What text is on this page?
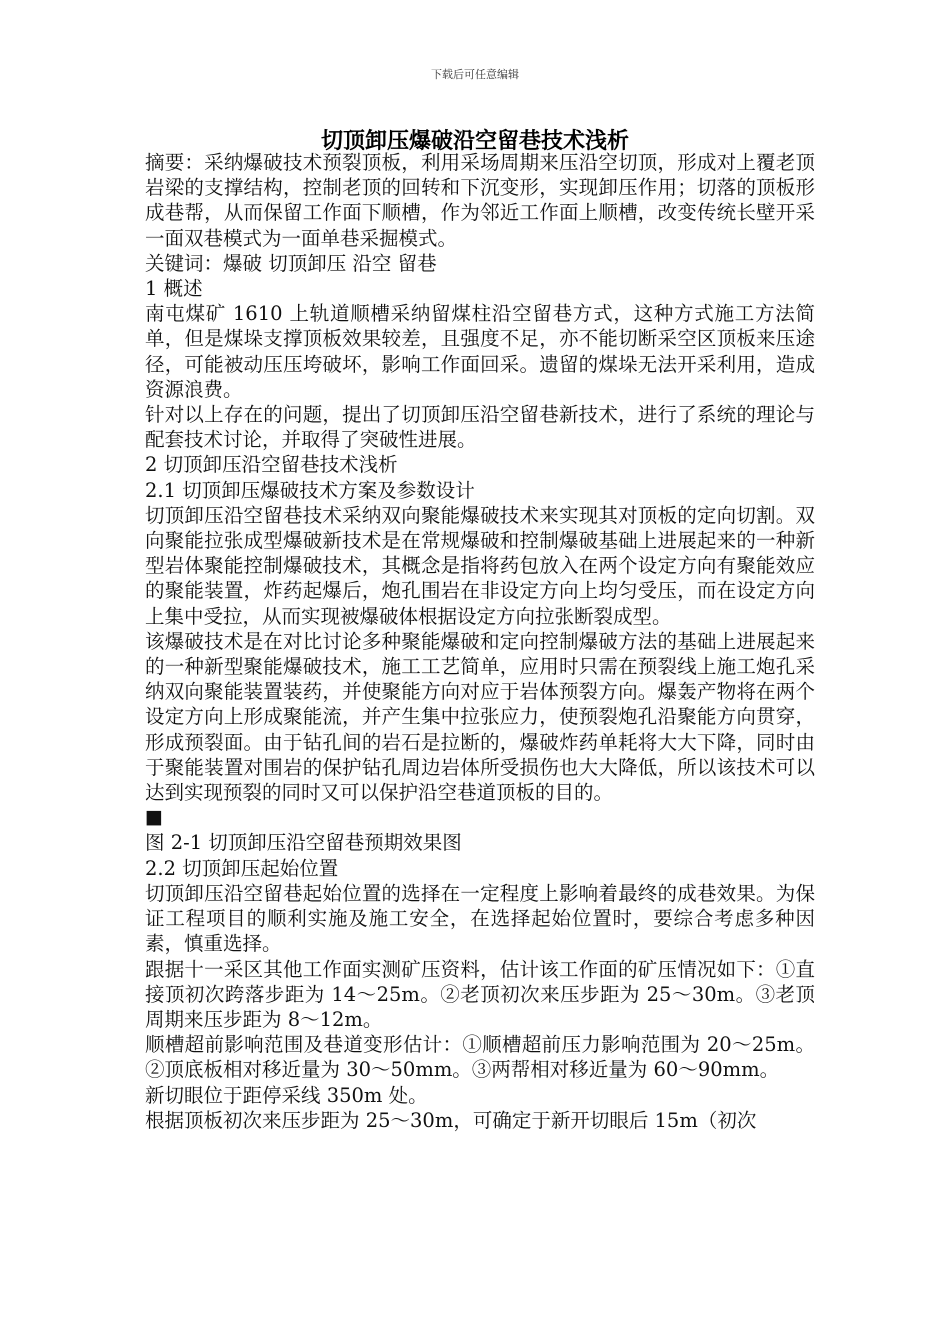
下载后可任意编辑
切顶卸压爆破沿空留巷技术浅析

摘要：采纳爆破技术预裂顶板，利用采场周期来压沿空切顶，形成对上覆老顶岩梁的支撑结构，控制老顶的回转和下沉变形，实现卸压作用；切落的顶板形成巷帮，从而保留工作面下顺槽，作为邻近工作面上顺槽，改变传统长壁开采一面双巷模式为一面单巷采掘模式。

关键词：爆破 切顶卸压 沿空 留巷

1 概述

南屯煤矿 1610 上轨道顺槽采纳留煤柱沿空留巷方式，这种方式施工方法简单，但是煤垛支撑顶板效果较差，且强度不足，亦不能切断采空区顶板来压途径，可能被动压压垮破坏，影响工作面回采。遗留的煤垛无法开采利用，造成资源浪费。

针对以上存在的问题，提出了切顶卸压沿空留巷新技术，进行了系统的理论与配套技术讨论，并取得了突破性进展。

2 切顶卸压沿空留巷技术浅析

2.1 切顶卸压爆破技术方案及参数设计

切顶卸压沿空留巷技术采纳双向聚能爆破技术来实现其对顶板的定向切割。双向聚能拉张成型爆破新技术是在常规爆破和控制爆破基础上进展起来的一种新型岩体聚能控制爆破技术，其概念是指将药包放入在两个设定方向有聚能效应的聚能装置，炸药起爆后，炮孔围岩在非设定方向上均匀受压，而在设定方向上集中受拉，从而实现被爆破体根据设定方向拉张断裂成型。

该爆破技术是在对比讨论多种聚能爆破和定向控制爆破方法的基础上进展起来的一种新型聚能爆破技术，施工工艺简单，应用时只需在预裂线上施工炮孔采纳双向聚能装置装药，并使聚能方向对应于岩体预裂方向。爆轰产物将在两个设定方向上形成聚能流，并产生集中拉张应力，使预裂炮孔沿聚能方向贯穿，形成预裂面。由于钻孔间的岩石是拉断的，爆破炸药单耗将大大下降，同时由于聚能装置对围岩的保护钻孔周边岩体所受损伤也大大降低，所以该技术可以达到实现预裂的同时又可以保护沿空巷道顶板的目的。

■

图 2-1 切顶卸压沿空留巷预期效果图

2.2 切顶卸压起始位置

切顶卸压沿空留巷起始位置的选择在一定程度上影响着最终的成巷效果。为保证工程项目的顺利实施及施工安全，在选择起始位置时，要综合考虑多种因素，慎重选择。

跟据十一采区其他工作面实测矿压资料，估计该工作面的矿压情况如下：①直接顶初次跨落步距为 14～25m。②老顶初次来压步距为 25～30m。③老顶周期来压步距为 8～12m。

顺槽超前影响范围及巷道变形估计：①顺槽超前压力影响范围为 20～25m。②顶底板相对移近量为 30～50mm。③两帮相对移近量为 60～90mm。

新切眼位于距停采线 350m 处。

根据顶板初次来压步距为 25～30m，可确定于新开切眼后 15m（初次
